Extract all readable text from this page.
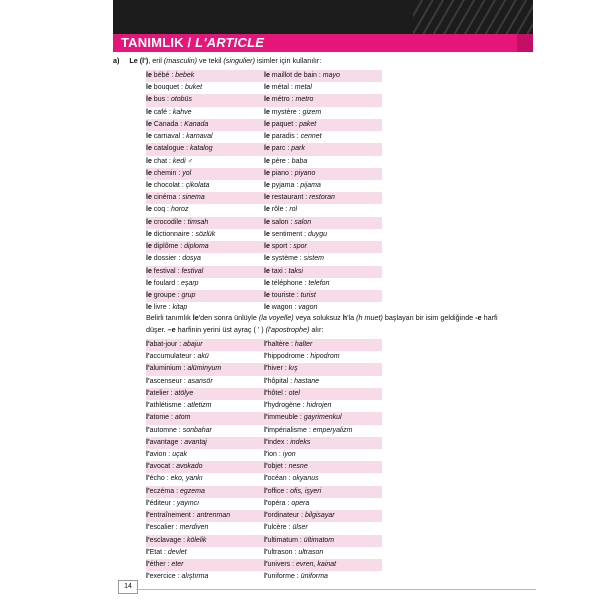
TANIMLIK / L'ARTICLE
a) Le (l'), eril (masculin) ve tekil (singulier) isimler için kullanılır:
le bébé : bebek	le maillot de bain : mayo
le bouquet : buket	le métal : metal
le bus : otobüs	le métro : metro
le café : kahve	le mystère : gizem
le Canada : Kanada	le paquet : paket
le carnaval : karnaval	le paradis : cennet
le catalogue : katalog	le parc : park
le chat : kedi ♂	le père : baba
le chemin : yol	le piano : piyano
le chocolat : çikolata	le pyjama : pijama
le cinéma : sinema	le restaurant : restoran
le coq : horoz	le rôle : rol
le crocodile : timsah	le salon : salon
le dictionnaire : sözlük	le sentiment : duygu
le diplôme : diploma	le sport : spor
le dossier : dosya	le système : sistem
le festival : festival	le taxi : taksi
le foulard : eşarp	le téléphone : telefon
le groupe : grup	le touriste : turist
le livre : kitap	le wagon : vagon
Belirli tanımlık le'den sonra ünlüyle (la voyelle) veya soluksuz h'la (h muet) başlayan bir isim geldiğinde -e harfi düşer. –e harfinin yerini üst ayraç ( ' ) (l'apostrophe) alır:
l'abat-jour : abajur	l'haltère : halter
l'accumulateur : akü	l'hippodrome : hipodrom
l'aluminium : alüminyum	l'hiver : kış
l'ascenseur : asansör	l'hôpital : hastane
l'atelier : atölye	l'hôtel : otel
l'athlétisme : atletizm	l'hydrogène : hidrojen
l'atome : atom	l'immeuble : gayrimenkul
l'automne : sonbahar	l'impérialisme : emperyalizm
l'avantage : avantaj	l'index : indeks
l'avion : uçak	l'ion : iyon
l'avocat : avokado	l'objet : nesne
l'écho : eko, yankı	l'océan : okyanus
l'eczéma : egzema	l'office : ofis, işyeri
l'éditeur : yayıncı	l'opéra : opera
l'entraînement : antrenman	l'ordinateur : bilgisayar
l'escalier : merdiven	l'ulcère : ülser
l'esclavage : kölelik	l'ultimatum : ültimatom
l'Etat : devlet	l'ultrason : ultrason
l'éther : eter	l'univers : evren, kainat
l'exercice : alıştırma	l'uniforme : üniforma
14
